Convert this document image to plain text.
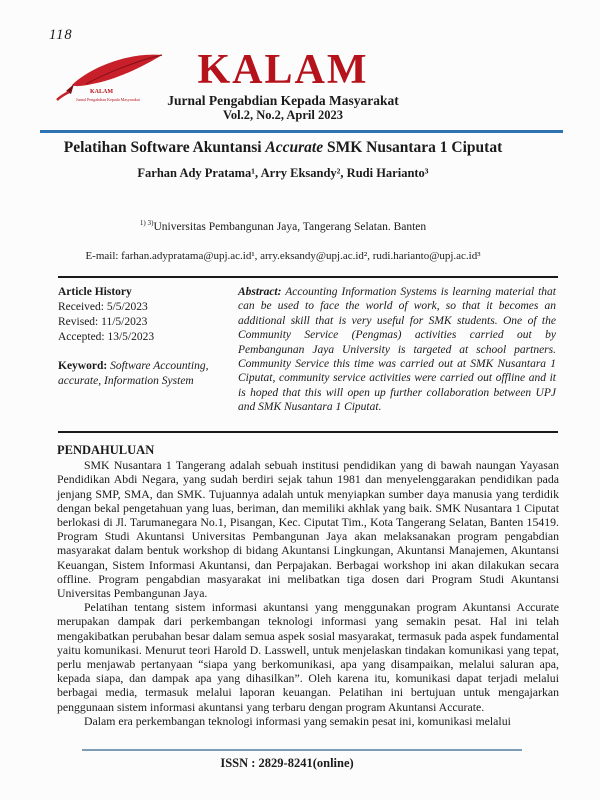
118
KALAM
Jurnal Pengabdian Kepada Masyarakat
KALAM
Jurnal Pengabdian Kepada Masyarakat
Vol.2, No.2, April 2023
Pelatihan Software Akuntansi Accurate SMK Nusantara 1 Ciputat
Farhan Ady Pratama¹, Arry Eksandy², Rudi Harianto³
$^{1) 3)}$Universitas Pembangunan Jaya, Tangerang Selatan. Banten
E-mail: farhan.adypratama@upj.ac.id¹, arry.eksandy@upj.ac.id², rudi.harianto@upj.ac.id³
Article History
Received: 5/5/2023
Revised: 11/5/2023
Accepted: 13/5/2023
Keyword: Software Accounting, accurate, Information System
Abstract: Accounting Information Systems is learning material that can be used to face the world of work, so that it becomes an additional skill that is very useful for SMK students. One of the Community Service (Pengmas) activities carried out by Pembangunan Jaya University is targeted at school partners. Community Service this time was carried out at SMK Nusantara 1 Ciputat, community service activities were carried out offline and it is hoped that this will open up further collaboration between UPJ and SMK Nusantara 1 Ciputat.
PENDAHULUAN

SMK Nusantara 1 Tangerang adalah sebuah institusi pendidikan yang di bawah naungan Yayasan Pendidikan Abdi Negara, yang sudah berdiri sejak tahun 1981 dan menyelenggarakan pendidikan pada jenjang SMP, SMA, dan SMK. Tujuannya adalah untuk menyiapkan sumber daya manusia yang terdidik dengan bekal pengetahuan yang luas, beriman, dan memiliki akhlak yang baik. SMK Nusantara 1 Ciputat berlokasi di Jl. Tarumanegara No.1, Pisangan, Kec. Ciputat Tim., Kota Tangerang Selatan, Banten 15419. Program Studi Akuntansi Universitas Pembangunan Jaya akan melaksanakan program pengabdian masyarakat dalam bentuk workshop di bidang Akuntansi Lingkungan, Akuntansi Manajemen, Akuntansi Keuangan, Sistem Informasi Akuntansi, dan Perpajakan. Berbagai workshop ini akan dilakukan secara offline. Program pengabdian masyarakat ini melibatkan tiga dosen dari Program Studi Akuntansi Universitas Pembangunan Jaya.

Pelatihan tentang sistem informasi akuntansi yang menggunakan program Akuntansi Accurate merupakan dampak dari perkembangan teknologi informasi yang semakin pesat. Hal ini telah mengakibatkan perubahan besar dalam semua aspek sosial masyarakat, termasuk pada aspek fundamental yaitu komunikasi. Menurut teori Harold D. Lasswell, untuk menjelaskan tindakan komunikasi yang tepat, perlu menjawab pertanyaan “siapa yang berkomunikasi, apa yang disampaikan, melalui saluran apa, kepada siapa, dan dampak apa yang dihasilkan”. Oleh karena itu, komunikasi dapat terjadi melalui berbagai media, termasuk melalui laporan keuangan. Pelatihan ini bertujuan untuk mengajarkan penggunaan sistem informasi akuntansi yang terbaru dengan program Akuntansi Accurate.

Dalam era perkembangan teknologi informasi yang semakin pesat ini, komunikasi melalui

ISSN : 2829-8241(online)
